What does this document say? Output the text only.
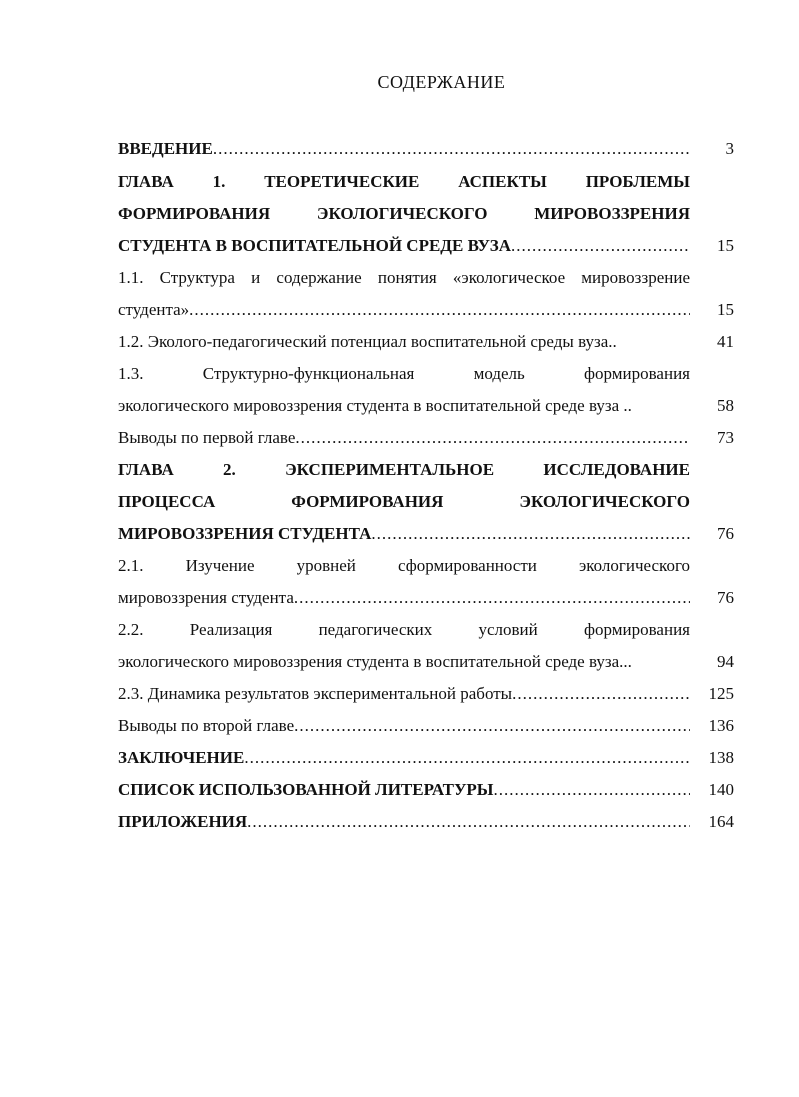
СОДЕРЖАНИЕ
ВВЕДЕНИЕ .....	3
ГЛАВА 1. ТЕОРЕТИЧЕСКИЕ АСПЕКТЫ ПРОБЛЕМЫ
ФОРМИРОВАНИЯ ЭКОЛОГИЧЕСКОГО МИРОВОЗЗРЕНИЯ
СТУДЕНТА В ВОСПИТАТЕЛЬНОЙ СРЕДЕ ВУЗА .....	15
1.1. Структура и содержание понятия «экологическое мировоззрение
студента» .....	15
1.2. Эколого-педагогический потенциал воспитательной среды вуза..	41
1.3. Структурно-функциональная модель формирования
экологического мировоззрения студента в воспитательной среде вуза ..	58
Выводы по первой главе .....	73
ГЛАВА 2. ЭКСПЕРИМЕНТАЛЬНОЕ ИССЛЕДОВАНИЕ
ПРОЦЕССА ФОРМИРОВАНИЯ ЭКОЛОГИЧЕСКОГО
МИРОВОЗЗРЕНИЯ СТУДЕНТА .....	76
2.1. Изучение уровней сформированности экологического
мировоззрения студента .....	76
2.2. Реализация педагогических условий формирования
экологического мировоззрения студента в воспитательной среде вуза...	94
2.3. Динамика результатов экспериментальной работы .....	125
Выводы по второй главе .....	136
ЗАКЛЮЧЕНИЕ .....	138
СПИСОК ИСПОЛЬЗОВАННОЙ ЛИТЕРАТУРЫ .....	140
ПРИЛОЖЕНИЯ .....	164
